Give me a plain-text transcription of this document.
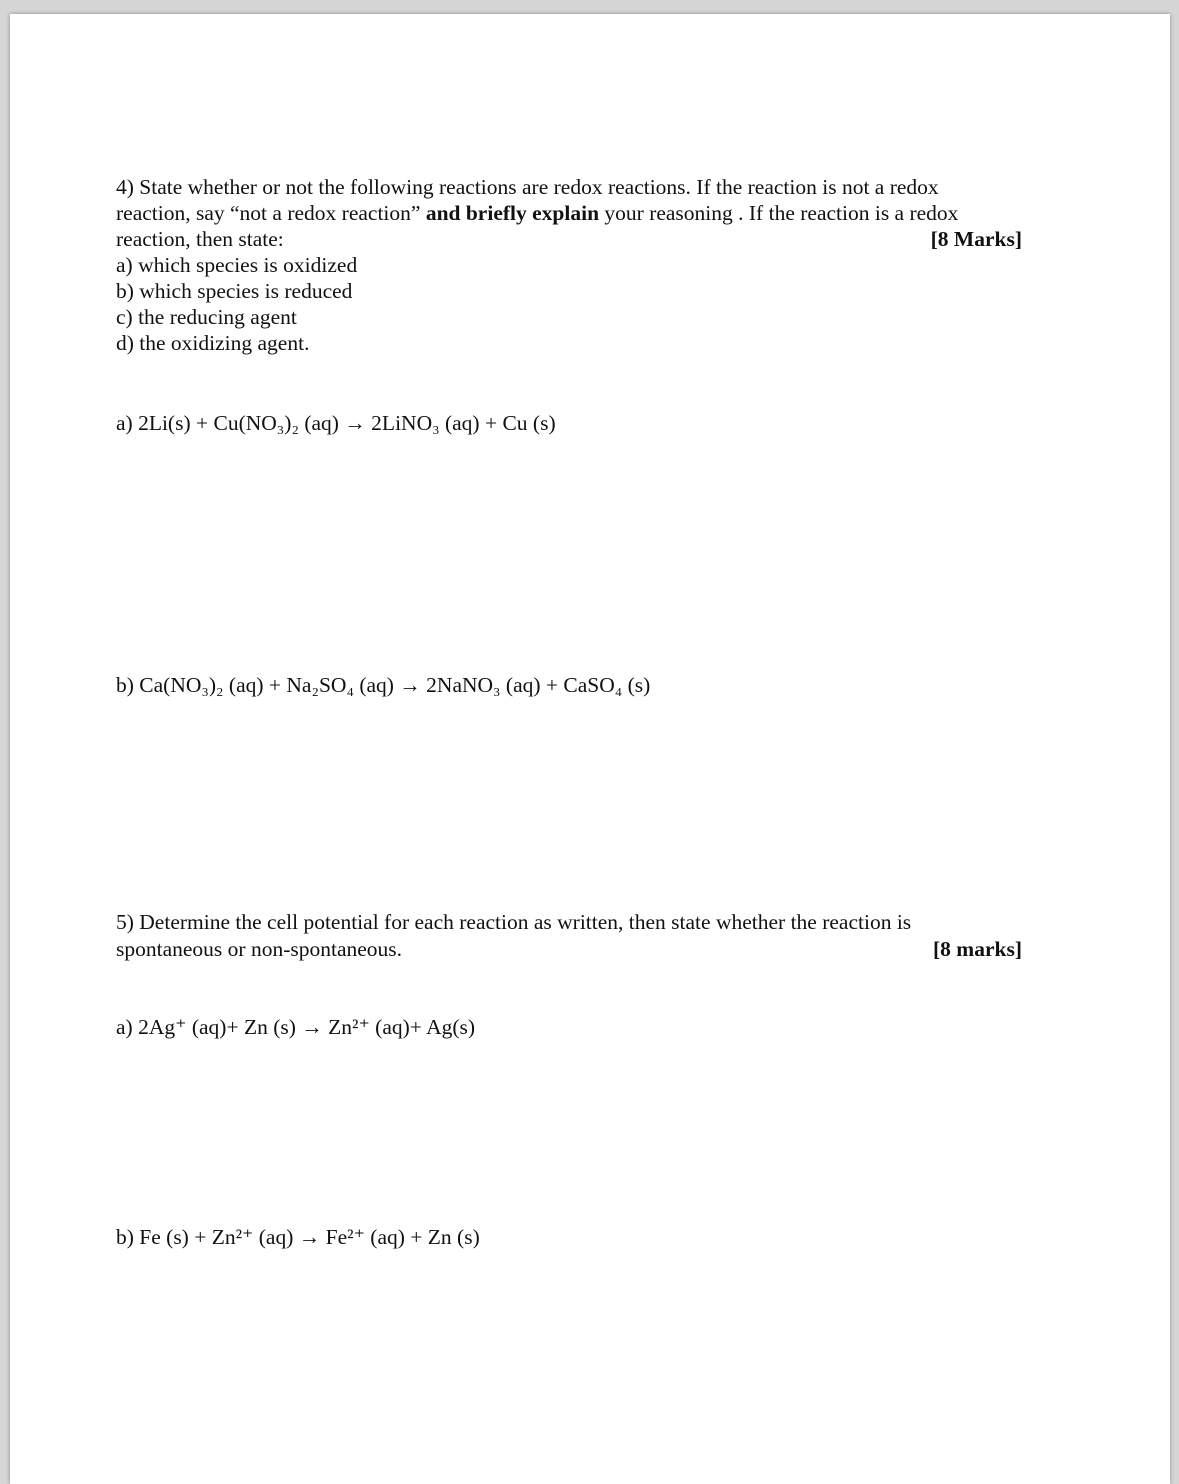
4) State whether or not the following reactions are redox reactions. If the reaction is not a redox
reaction, say “not a redox reaction” and briefly explain your reasoning . If the reaction is a redox
reaction, then state:	[8 Marks]
a) which species is oxidized
b) which species is reduced
c) the reducing agent
d) the oxidizing agent.
a) 2Li(s) + Cu(NO₃)₂ (aq) → 2LiNO₃ (aq) + Cu (s)
b) Ca(NO₃)₂ (aq) + Na₂SO₄ (aq) → 2NaNO₃ (aq) + CaSO₄ (s)
5) Determine the cell potential for each reaction as written, then state whether the reaction is
spontaneous or non-spontaneous.	[8 marks]
a) 2Ag⁺ (aq)+ Zn (s) → Zn²⁺ (aq)+ Ag(s)
b) Fe (s) + Zn²⁺ (aq) → Fe²⁺ (aq) + Zn (s)
